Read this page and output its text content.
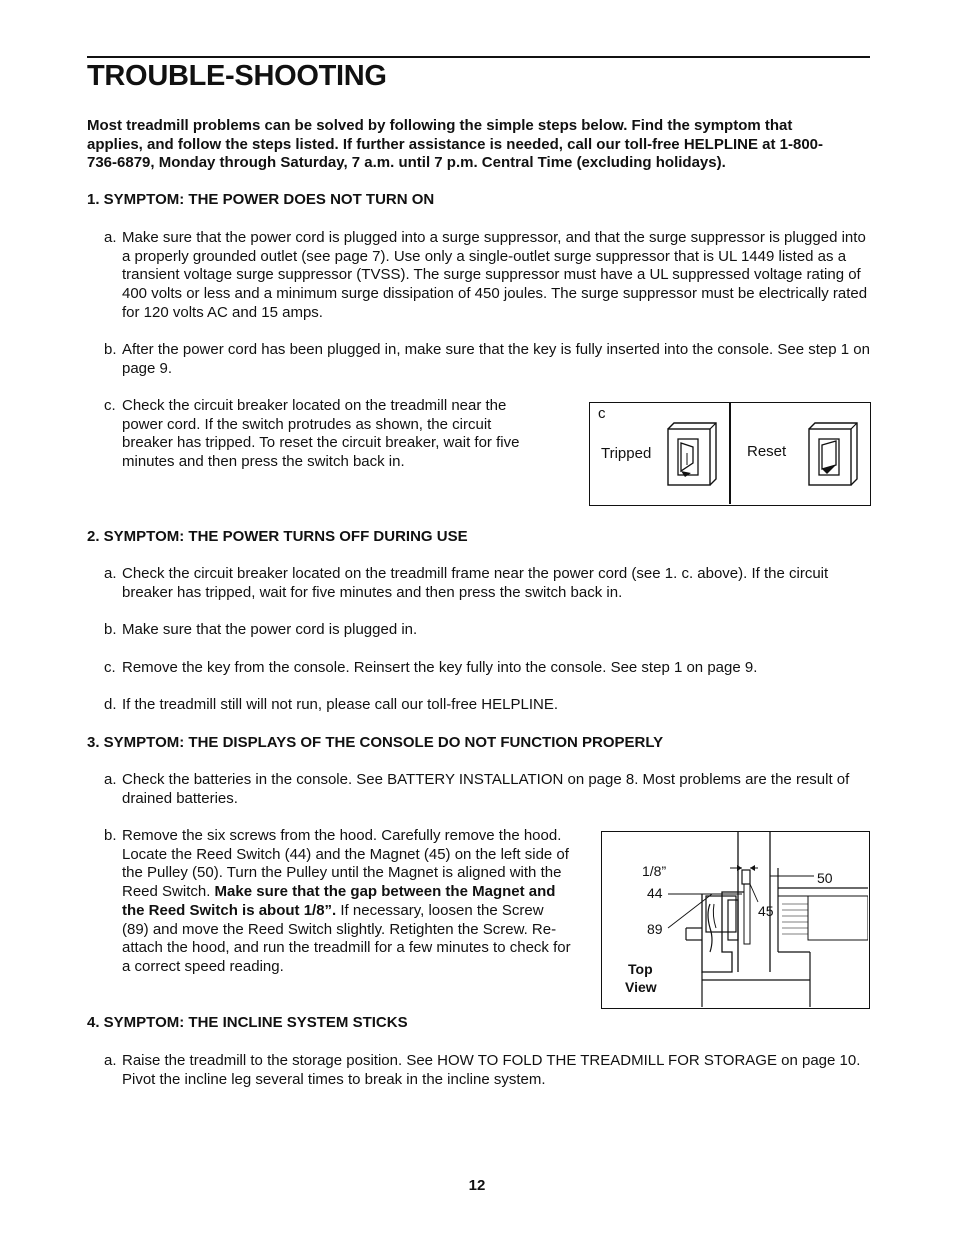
TROUBLE-SHOOTING

Most treadmill problems can be solved by following the simple steps below. Find the symptom that applies, and follow the steps listed. If further assistance is needed, call our toll-free HELPLINE at 1-800-736-6879, Monday through Saturday, 7 a.m. until 7 p.m. Central Time (excluding holidays).

1. SYMPTOM: THE POWER DOES NOT TURN ON

a. Make sure that the power cord is plugged into a surge suppressor, and that the surge suppressor is plugged into a properly grounded outlet (see page 7). Use only a single-outlet surge suppressor that is UL 1449 listed as a transient voltage surge suppressor (TVSS). The surge suppressor must have a UL suppressed voltage rating of 400 volts or less and a minimum surge dissipation of 450 joules. The surge suppressor must be electrically rated for 120 volts AC and 15 amps.
b. After the power cord has been plugged in, make sure that the key is fully inserted into the console. See step 1 on page 9.
c. Check the circuit breaker located on the treadmill near the power cord. If the switch protrudes as shown, the circuit breaker has tripped. To reset the circuit breaker, wait for five minutes and then press the switch back in.
c
Tripped	Reset

2. SYMPTOM: THE POWER TURNS OFF DURING USE

a. Check the circuit breaker located on the treadmill frame near the power cord (see 1. c. above). If the circuit breaker has tripped, wait for five minutes and then press the switch back in.
b. Make sure that the power cord is plugged in.
c. Remove the key from the console. Reinsert the key fully into the console. See step 1 on page 9.
d. If the treadmill still will not run, please call our toll-free HELPLINE.

3. SYMPTOM: THE DISPLAYS OF THE CONSOLE DO NOT FUNCTION PROPERLY

a. Check the batteries in the console. See BATTERY INSTALLATION on page 8. Most problems are the result of drained batteries.
b. Remove the six screws from the hood. Carefully remove the hood. Locate the Reed Switch (44) and the Magnet (45) on the left side of the Pulley (50). Turn the Pulley until the Magnet is aligned with the Reed Switch. Make sure that the gap between the Magnet and the Reed Switch is about 1/8”. If necessary, loosen the Screw (89) and move the Reed Switch slightly. Retighten the Screw. Re-attach the hood, and run the treadmill for a few minutes to check for a correct speed reading.
1/8”
44
89
45
50
Top
View

4. SYMPTOM: THE INCLINE SYSTEM STICKS

a. Raise the treadmill to the storage position. See HOW TO FOLD THE TREADMILL FOR STORAGE on page 10. Pivot the incline leg several times to break in the incline system.
12
